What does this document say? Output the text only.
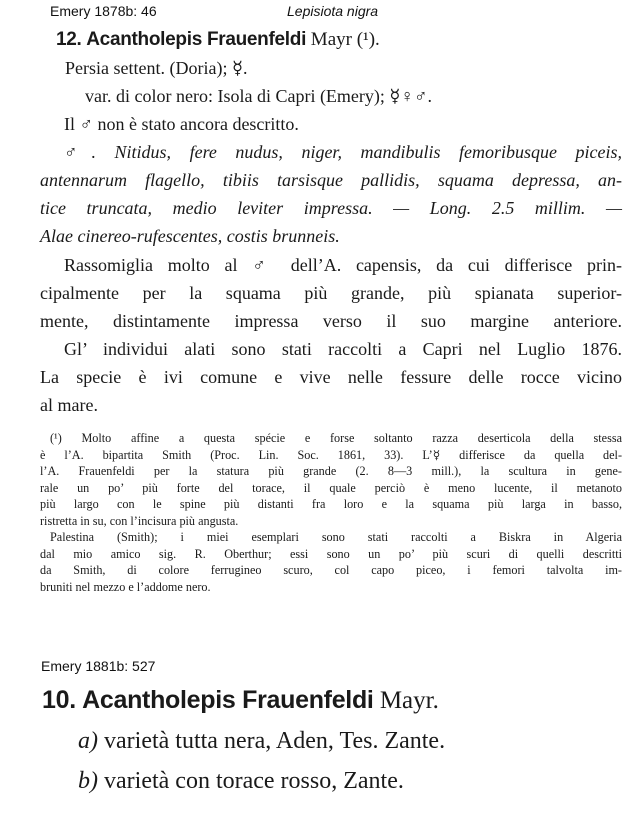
Emery 1878b: 46	Lepisiota nigra

12. Acantholepis Frauenfeldi Mayr (¹).

Persia settent. (Doria); ☿.

var. di color nero: Isola di Capri (Emery); ☿♀♂.

Il ♂ non è stato ancora descritto.

♂. Nitidus, fere nudus, niger, mandibulis femoribusque piceis,

antennarum flagello, tibiis tarsisque pallidis, squama depressa, an-

tice truncata, medio leviter impressa. — Long. 2.5 millim. —

Alae cinereo-rufescentes, costis brunneis.

Rassomiglia molto al ♂ dell’A. capensis, da cui differisce prin-

cipalmente per la squama più grande, più spianata superior-

mente, distintamente impressa verso il suo margine anteriore.

Gl’ individui alati sono stati raccolti a Capri nel Luglio 1876.

La specie è ivi comune e vive nelle fessure delle rocce vicino

al mare.

(¹) Molto affine a questa spécie e forse soltanto razza deserticola della stessa

è l’A. bipartita Smith (Proc. Lin. Soc. 1861, 33). L’☿ differisce da quella del-

l’A. Frauenfeldi per la statura più grande (2. 8—3 mill.), la scultura in gene-

rale un po’ più forte del torace, il quale perciò è meno lucente, il metanoto

più largo con le spine più distanti fra loro e la squama più larga in basso,

ristretta in su, con l’incisura più angusta.

Palestina (Smith); i miei esemplari sono stati raccolti a Biskra in Algeria

dal mio amico sig. R. Oberthur; essi sono un po’ più scuri di quelli descritti

da Smith, di colore ferrugineo scuro, col capo piceo, i femori talvolta im-

bruniti nel mezzo e l’addome nero.

Emery 1881b: 527

10. Acantholepis Frauenfeldi Mayr.

a) varietà tutta nera, Aden, Tes. Zante.

b) varietà con torace rosso, Zante.
